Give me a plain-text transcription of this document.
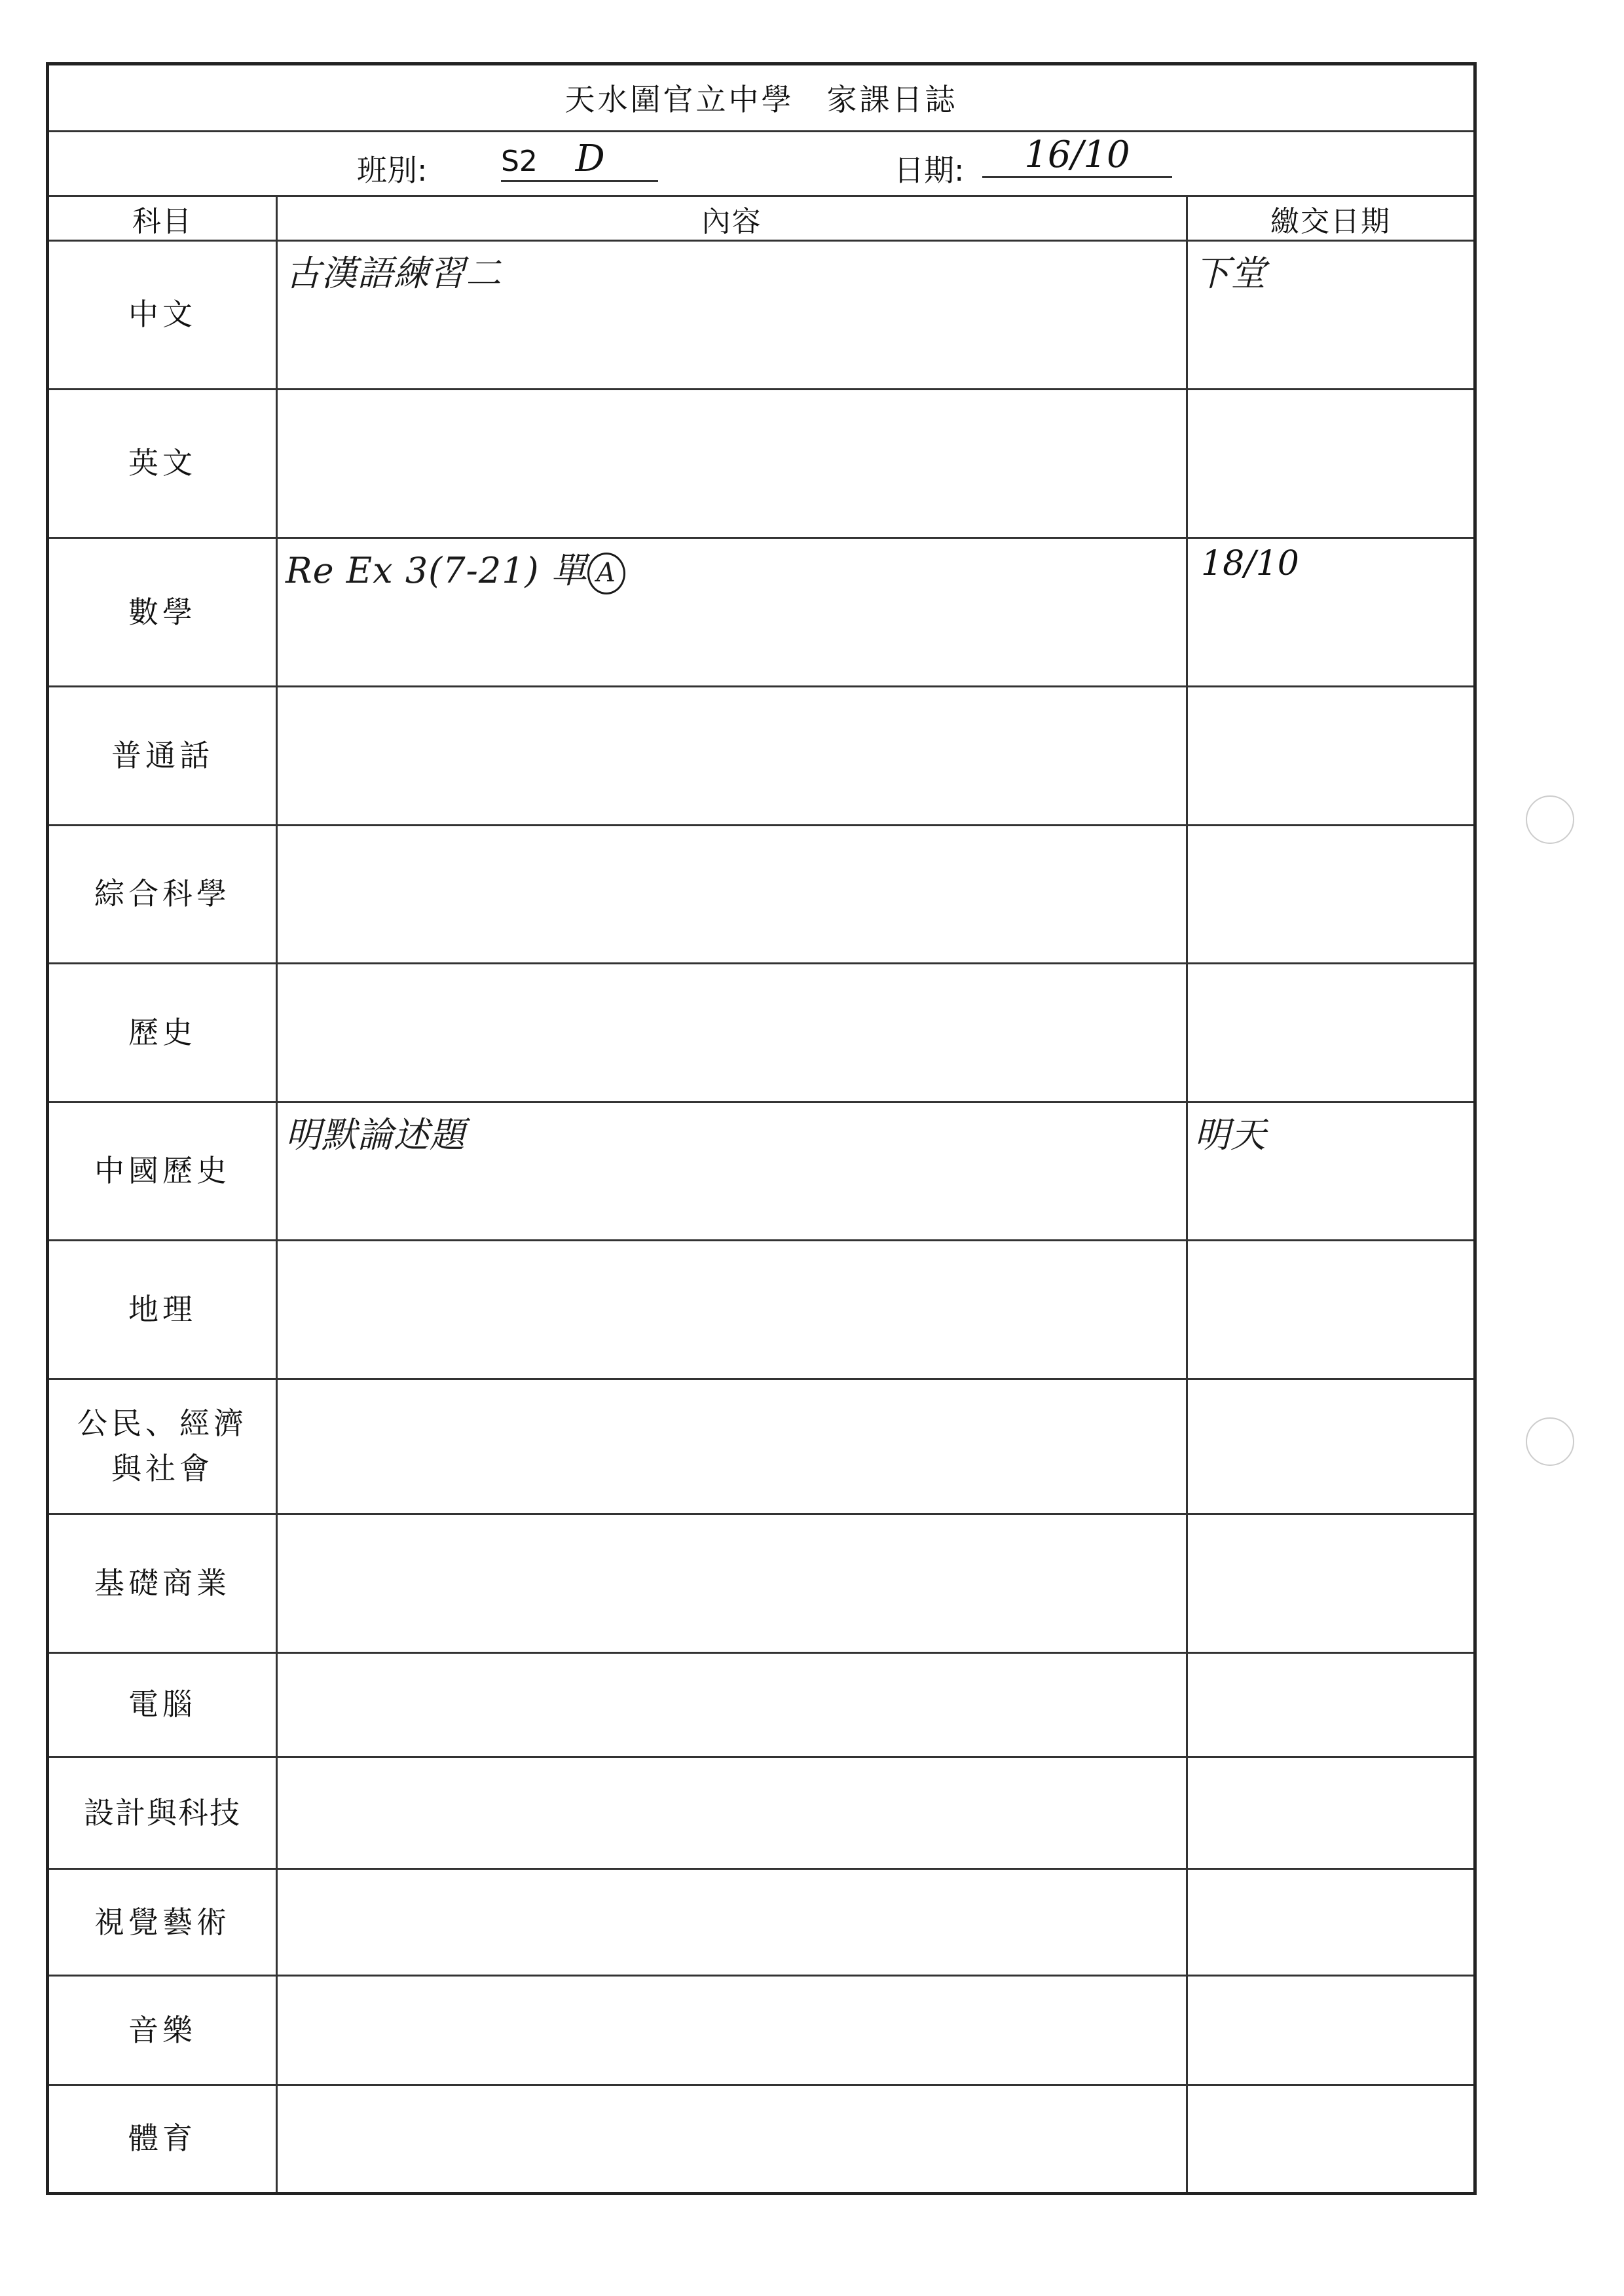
天水圍官立中學 家課日誌		

班別: S2 D 日期: 16/10		

科目	內容	繳交日期
中文	古漢語練習二	下堂

英文	

數學	Re Ex 3(7-21) 單 A	18/10

普通話	

綜合科學	

歷史	

中國歷史	明默論述題	明天

地理	

公民、經濟
與社會	

基礎商業	

電腦	

設計與科技	

視覺藝術	

音樂	

體育	
